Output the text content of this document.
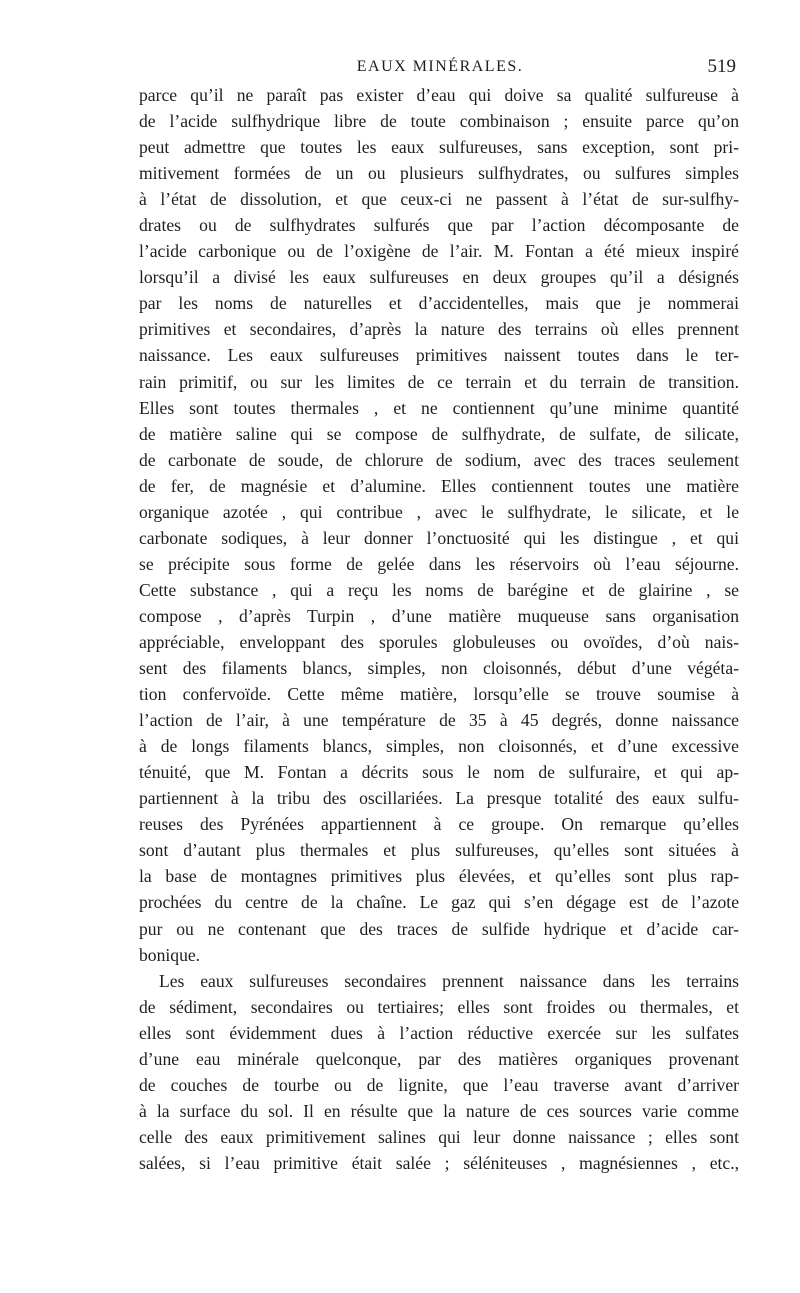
EAUX MINÉRALES.	519
parce qu’il ne paraît pas exister d’eau qui doive sa qualité sulfureuse à
de l’acide sulfhydrique libre de toute combinaison ; ensuite parce qu’on
peut admettre que toutes les eaux sulfureuses, sans exception, sont pri-
mitivement formées de un ou plusieurs sulfhydrates, ou sulfures simples
à l’état de dissolution, et que ceux-ci ne passent à l’état de sur-sulfhy-
drates ou de sulfhydrates sulfurés que par l’action décomposante de
l’acide carbonique ou de l’oxigène de l’air. M. Fontan a été mieux inspiré
lorsqu’il a divisé les eaux sulfureuses en deux groupes qu’il a désignés
par les noms de naturelles et d’accidentelles, mais que je nommerai
primitives et secondaires, d’après la nature des terrains où elles prennent
naissance. Les eaux sulfureuses primitives naissent toutes dans le ter-
rain primitif, ou sur les limites de ce terrain et du terrain de transition.
Elles sont toutes thermales , et ne contiennent qu’une minime quantité
de matière saline qui se compose de sulfhydrate, de sulfate, de silicate,
de carbonate de soude, de chlorure de sodium, avec des traces seulement
de fer, de magnésie et d’alumine. Elles contiennent toutes une matière
organique azotée , qui contribue , avec le sulfhydrate, le silicate, et le
carbonate sodiques, à leur donner l’onctuosité qui les distingue , et qui
se précipite sous forme de gelée dans les réservoirs où l’eau séjourne.
Cette substance , qui a reçu les noms de barégine et de glairine , se
compose , d’après Turpin , d’une matière muqueuse sans organisation
appréciable, enveloppant des sporules globuleuses ou ovoïdes, d’où nais-
sent des filaments blancs, simples, non cloisonnés, début d’une végéta-
tion confervoïde. Cette même matière, lorsqu’elle se trouve soumise à
l’action de l’air, à une température de 35 à 45 degrés, donne naissance
à de longs filaments blancs, simples, non cloisonnés, et d’une excessive
ténuité, que M. Fontan a décrits sous le nom de sulfuraire, et qui ap-
partiennent à la tribu des oscillariées. La presque totalité des eaux sulfu-
reuses des Pyrénées appartiennent à ce groupe. On remarque qu’elles
sont d’autant plus thermales et plus sulfureuses, qu’elles sont situées à
la base de montagnes primitives plus élevées, et qu’elles sont plus rap-
prochées du centre de la chaîne. Le gaz qui s’en dégage est de l’azote
pur ou ne contenant que des traces de sulfide hydrique et d’acide car-
bonique.
Les eaux sulfureuses secondaires prennent naissance dans les terrains
de sédiment, secondaires ou tertiaires; elles sont froides ou thermales, et
elles sont évidemment dues à l’action réductive exercée sur les sulfates
d’une eau minérale quelconque, par des matières organiques provenant
de couches de tourbe ou de lignite, que l’eau traverse avant d’arriver
à la surface du sol. Il en résulte que la nature de ces sources varie comme
celle des eaux primitivement salines qui leur donne naissance ; elles sont
salées, si l’eau primitive était salée ; séléniteuses , magnésiennes , etc.,
